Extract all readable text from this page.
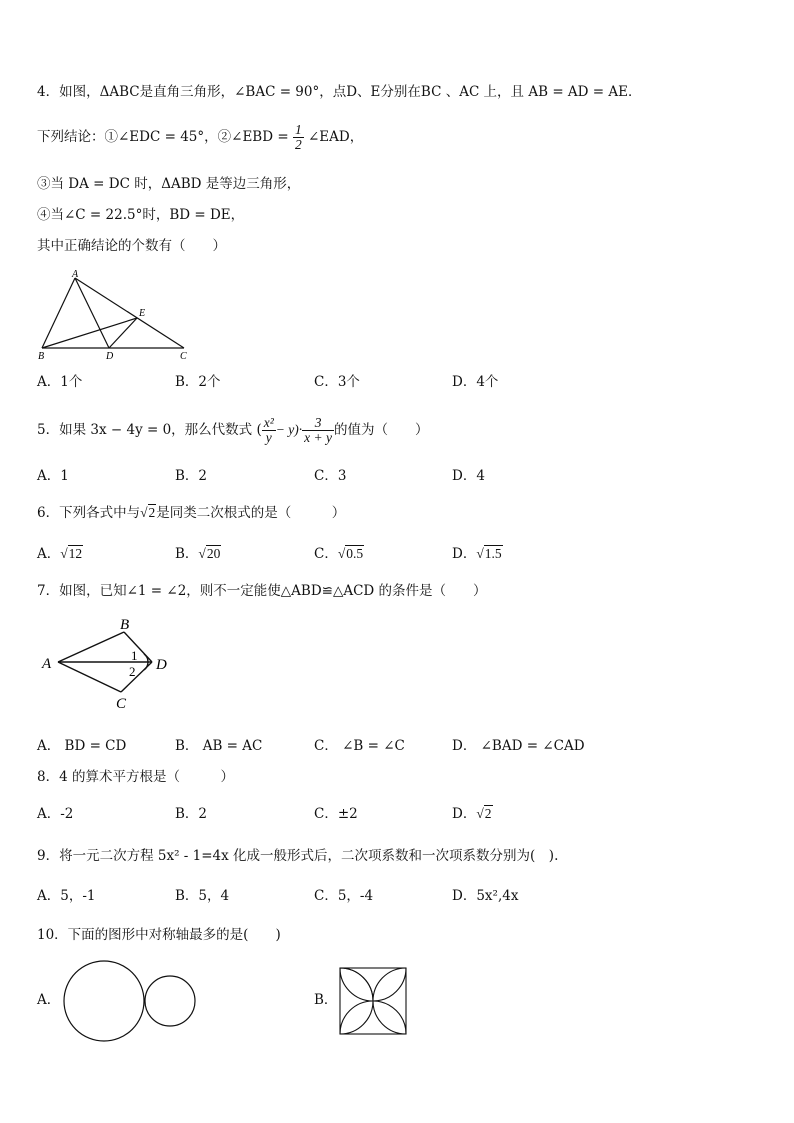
4．如图，ΔABC是直角三角形，∠BAC = 90°，点D、E分别在BC 、AC 上，且 AB = AD = AE．
下列结论：①∠EDC = 45°，②∠EBD = $\frac{1}{2}$ ∠EAD，
③当 DA = DC 时，ΔABD 是等边三角形，
④当∠C = 22.5°时，BD = DE，
其中正确结论的个数有（　　）
A
B	C
D
E
A．1个	B．2个	C．3个	D．4个
5．如果 3x − 4y = 0，那么代数式 ( $\frac{\text{x²}}{y} - y)\cdot \frac{3}{x + y}$ 的值为（　　）
A．1	B．2	C．3	D．4
6．下列各式中与√2是同类二次根式的是（　　　）
A．√12	B．√20	C．√0.5	D．√1.5
7．如图，已知∠1 = ∠2，则不一定能使△ABD≌△ACD 的条件是（　　）
A
B
C
D
1
2
A． BD = CD	B． AB = AC	C． ∠B = ∠C	D． ∠BAD = ∠CAD
8．4 的算术平方根是（　　　）
A．-2	B．2	C．±2	D．√2
9．将一元二次方程 5x² - 1=4x 化成一般形式后，二次项系数和一次项系数分别为(　).
A．5，-1	B．5，4	C．5，-4	D．5x²,4x
10．下面的图形中对称轴最多的是(　　)
A．	B．
